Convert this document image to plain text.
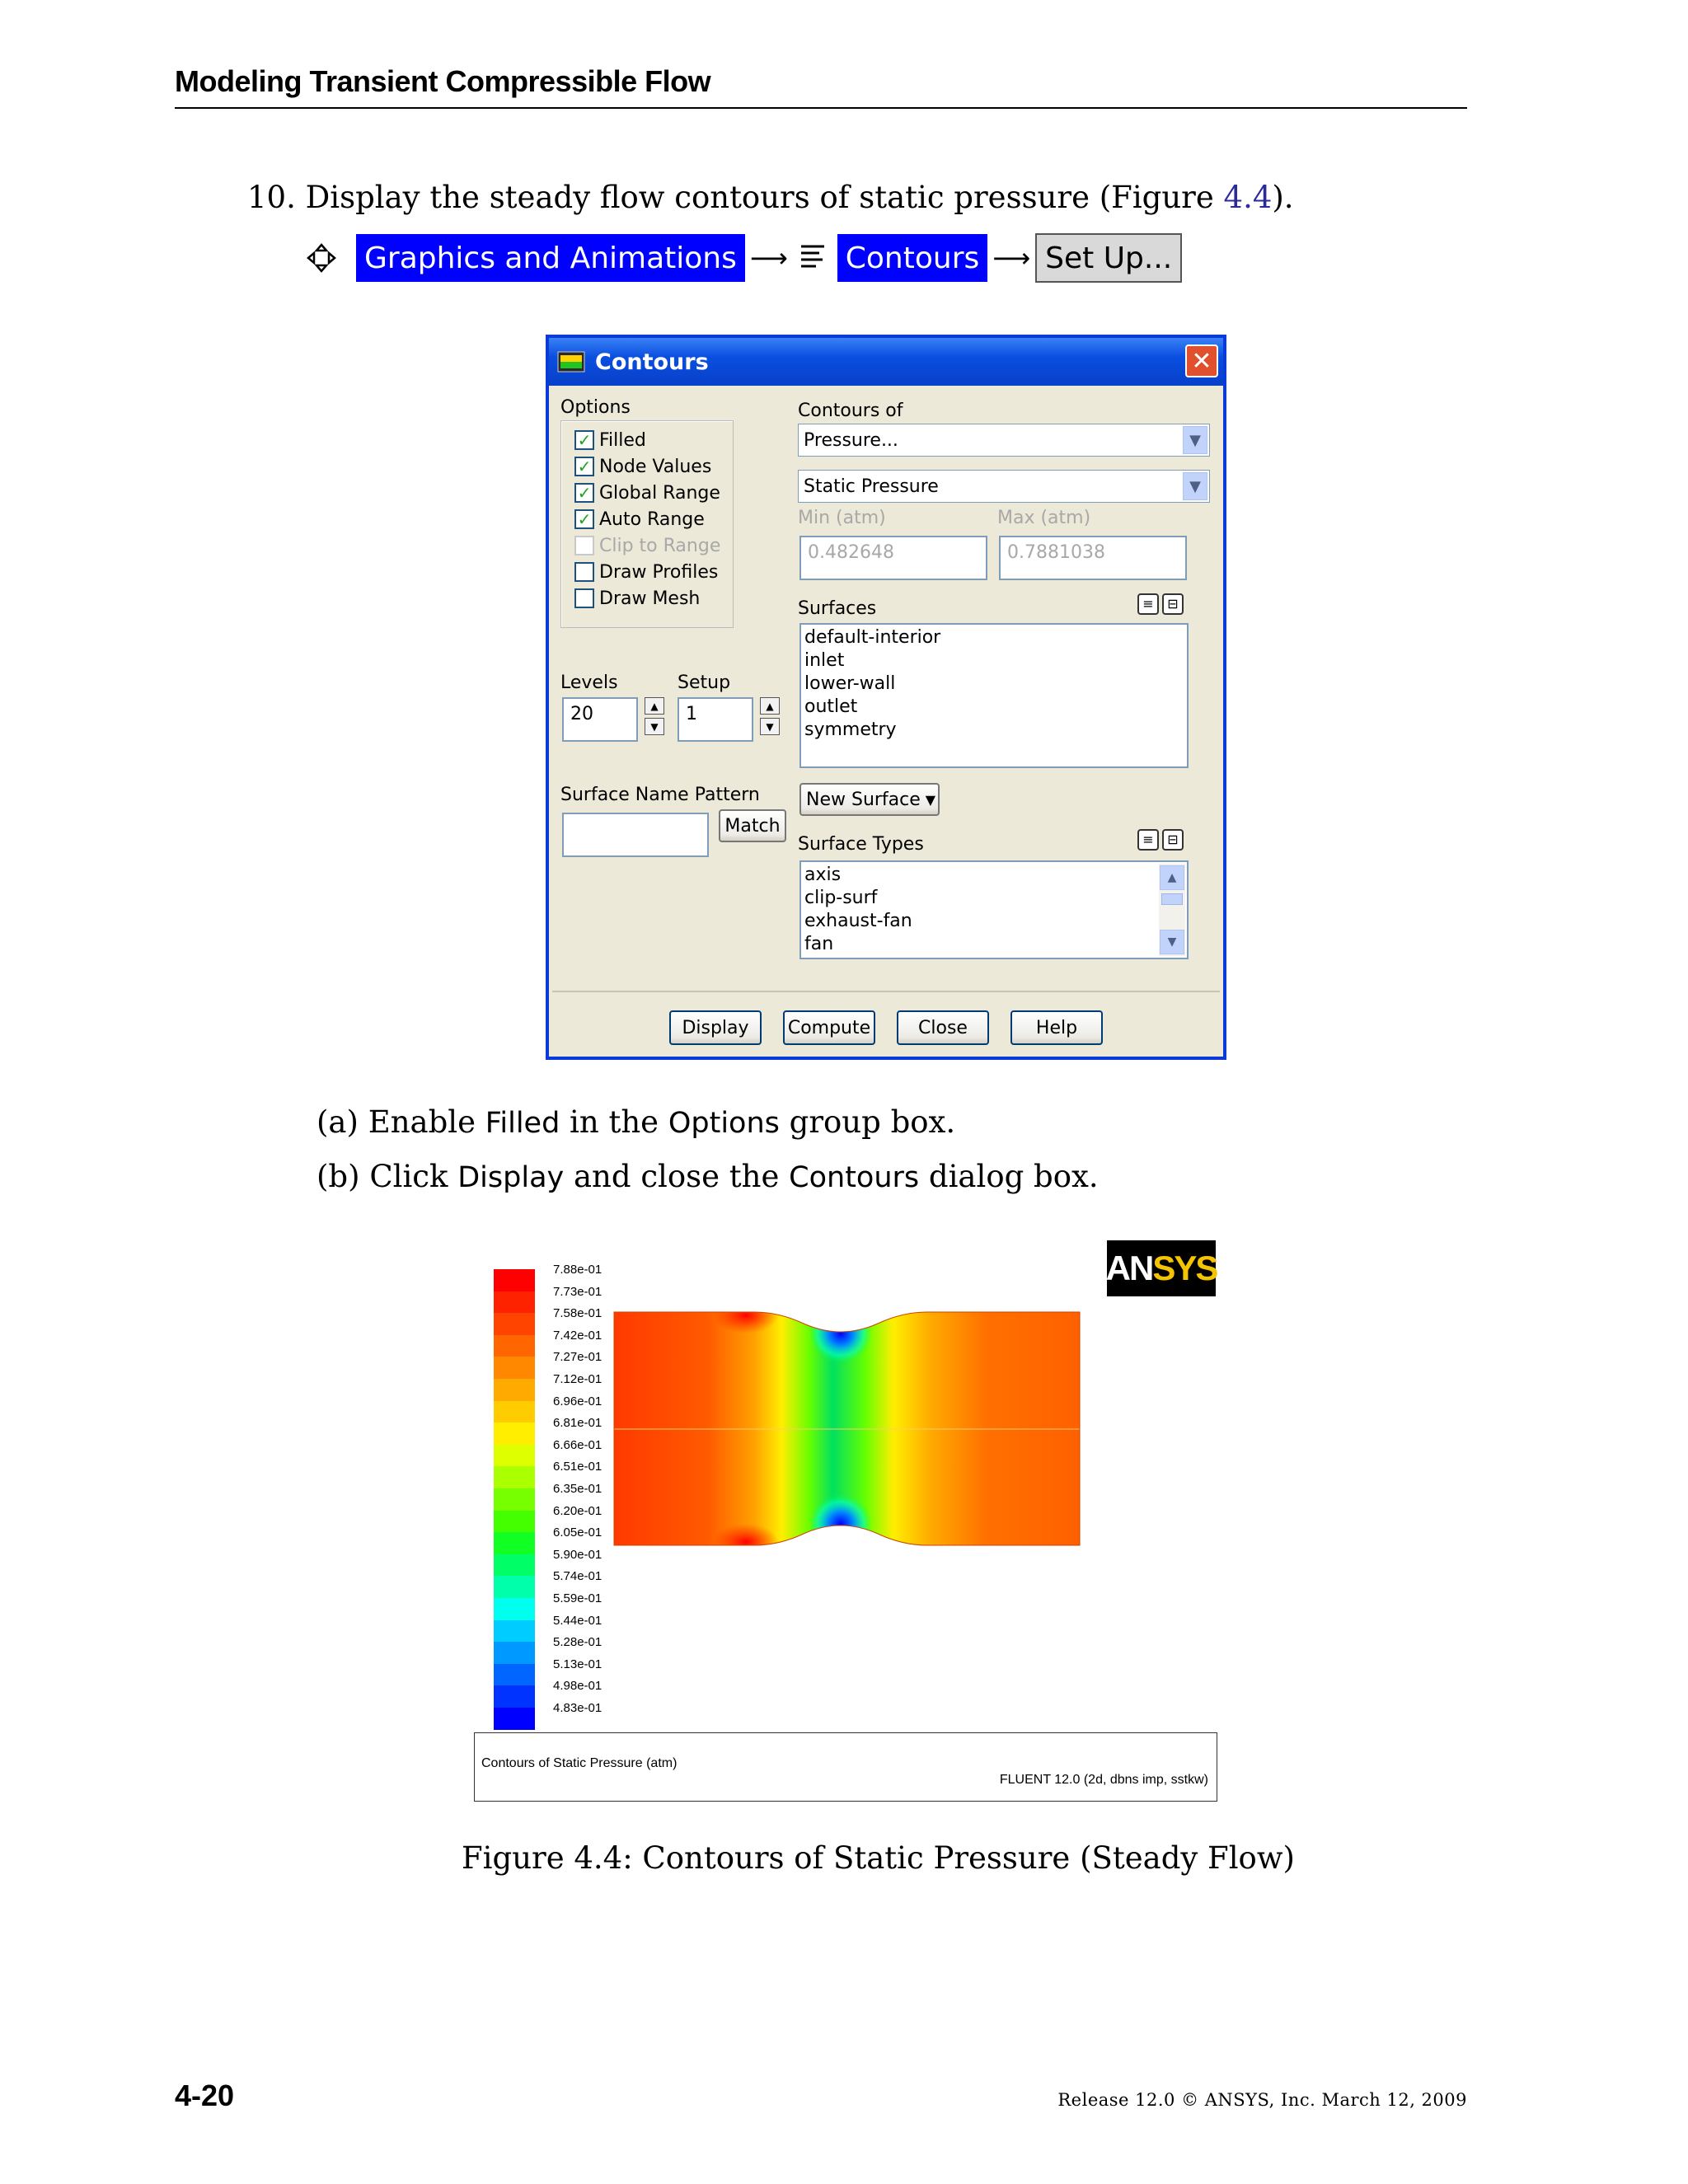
Modeling Transient Compressible Flow
10. Display the steady flow contours of static pressure (Figure 4.4).
Graphics and Animations ⟶ Contours ⟶ Set Up...
Contours	✕
Options
✓ Filled
✓ Node Values
✓ Global Range
✓ Auto Range
Clip to Range
Draw Profiles
Draw Mesh
Contours of
Pressure...	▼
Static Pressure	▼
Min (atm)	Max (atm)
0.482648	0.7881038
Surfaces	≡	⊟
default-interior
inlet
lower-wall
outlet
symmetry
Levels	Setup
20	▲
▼
1	▲
▼
Surface Name Pattern
Match
New Surface ▼
Surface Types	≡	⊟
axis
clip-surf
exhaust-fan
fan
▲
▼
Display	Compute	Close	Help
(a) Enable Filled in the Options group box.
(b) Click Display and close the Contours dialog box.
7.88e-01
7.73e-01
7.58e-01
7.42e-01
7.27e-01
7.12e-01
6.96e-01
6.81e-01
6.66e-01
6.51e-01
6.35e-01
6.20e-01
6.05e-01
5.90e-01
5.74e-01
5.59e-01
5.44e-01
5.28e-01
5.13e-01
4.98e-01
4.83e-01
AN SYS
Contours of Static Pressure (atm)
FLUENT 12.0 (2d, dbns imp, sstkw)
Figure 4.4: Contours of Static Pressure (Steady Flow)
4-20	Release 12.0 © ANSYS, Inc. March 12, 2009
